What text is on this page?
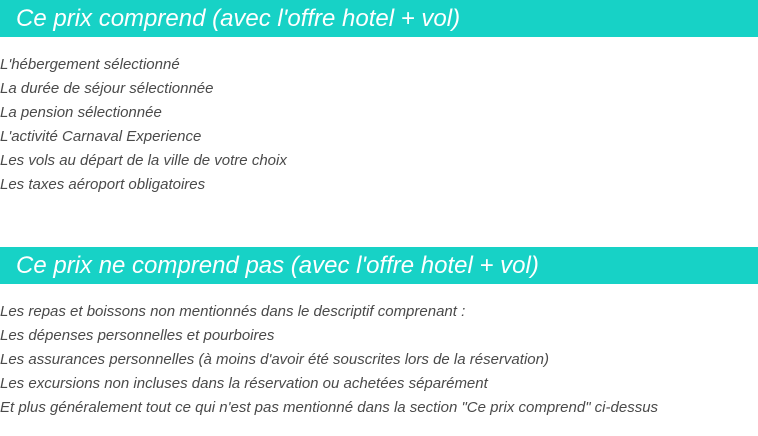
Ce prix comprend (avec l'offre hotel + vol)
L'hébergement sélectionné
La durée de séjour sélectionnée
La pension sélectionnée
L'activité Carnaval Experience
Les vols au départ de la ville de votre choix
Les taxes aéroport obligatoires
Ce prix ne comprend pas (avec l'offre hotel + vol)
Les repas et boissons non mentionnés dans le descriptif comprenant :
Les dépenses personnelles et pourboires
Les assurances personnelles (à moins d'avoir été souscrites lors de la réservation)
Les excursions non incluses dans la réservation ou achetées séparément
Et plus généralement tout ce qui n'est pas mentionné dans la section "Ce prix comprend" ci-dessus
